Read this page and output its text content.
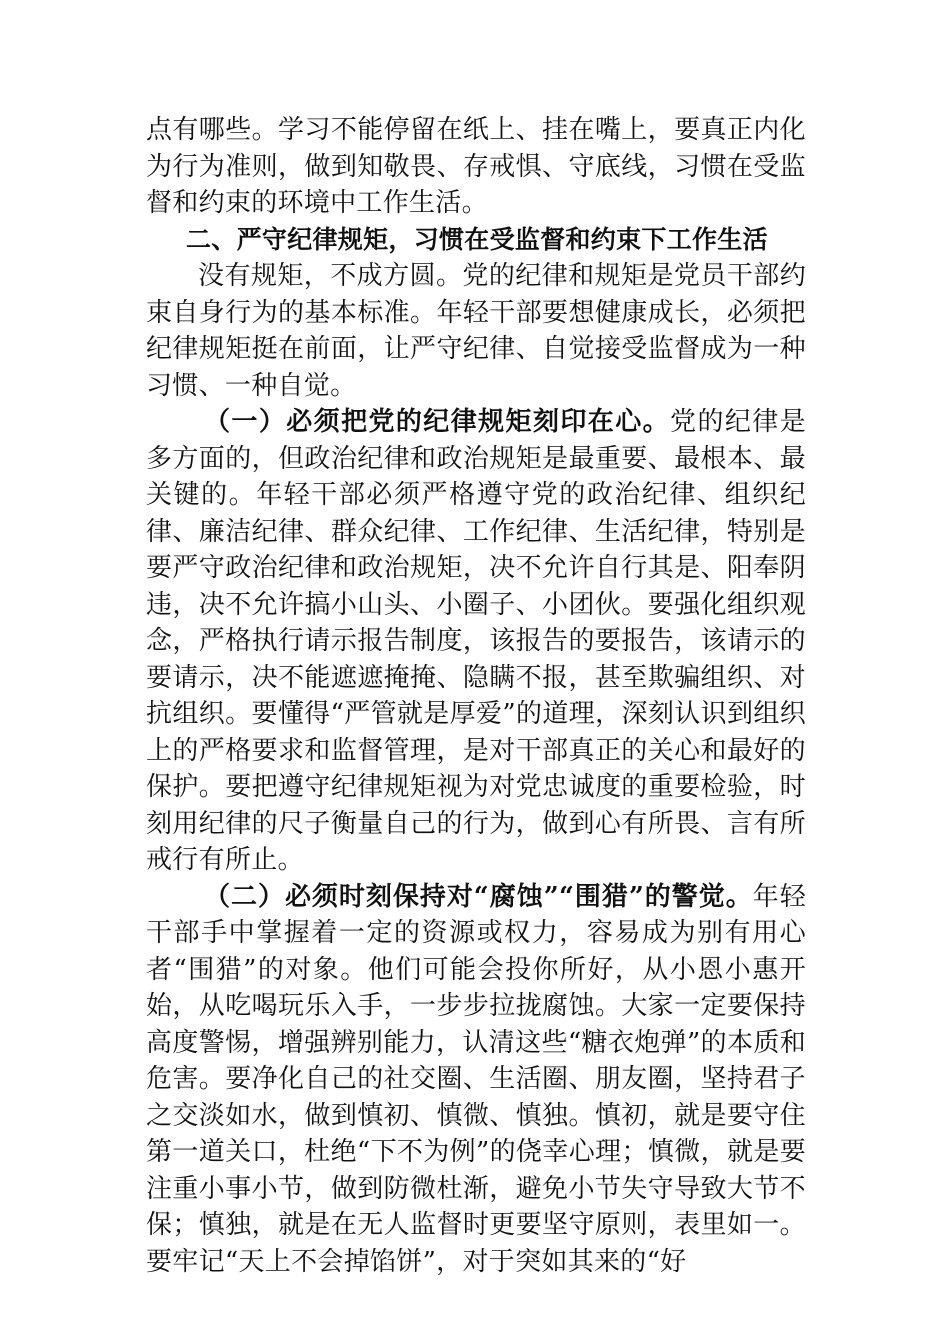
点有哪些。学习不能停留在纸上、挂在嘴上，要真正内化为行为准则，做到知敬畏、存戒惧、守底线，习惯在受监督和约束的环境中工作生活。

二、严守纪律规矩，习惯在受监督和约束下工作生活

没有规矩，不成方圆。党的纪律和规矩是党员干部约束自身行为的基本标准。年轻干部要想健康成长，必须把纪律规矩挺在前面，让严守纪律、自觉接受监督成为一种习惯、一种自觉。

（一）必须把党的纪律规矩刻印在心。党的纪律是多方面的，但政治纪律和政治规矩是最重要、最根本、最关键的。年轻干部必须严格遵守党的政治纪律、组织纪律、廉洁纪律、群众纪律、工作纪律、生活纪律，特别是要严守政治纪律和政治规矩，决不允许自行其是、阳奉阴违，决不允许搞小山头、小圈子、小团伙。要强化组织观念，严格执行请示报告制度，该报告的要报告，该请示的要请示，决不能遮遮掩掩、隐瞒不报，甚至欺骗组织、对抗组织。要懂得“严管就是厚爱”的道理，深刻认识到组织上的严格要求和监督管理，是对干部真正的关心和最好的保护。要把遵守纪律规矩视为对党忠诚度的重要检验，时刻用纪律的尺子衡量自己的行为，做到心有所畏、言有所戒行有所止。

（二）必须时刻保持对“腐蚀”“围猎”的警觉。年轻干部手中掌握着一定的资源或权力，容易成为别有用心者“围猎”的对象。他们可能会投你所好，从小恩小惠开始，从吃喝玩乐入手，一步步拉拢腐蚀。大家一定要保持高度警惕，增强辨别能力，认清这些“糖衣炮弹”的本质和危害。要净化自己的社交圈、生活圈、朋友圈，坚持君子之交淡如水，做到慎初、慎微、慎独。慎初，就是要守住第一道关口，杜绝“下不为例”的侥幸心理；慎微，就是要注重小事小节，做到防微杜渐，避免小节失守导致大节不保；慎独，就是在无人监督时更要坚守原则，表里如一。要牢记“天上不会掉馅饼”，对于突如其来的“好
